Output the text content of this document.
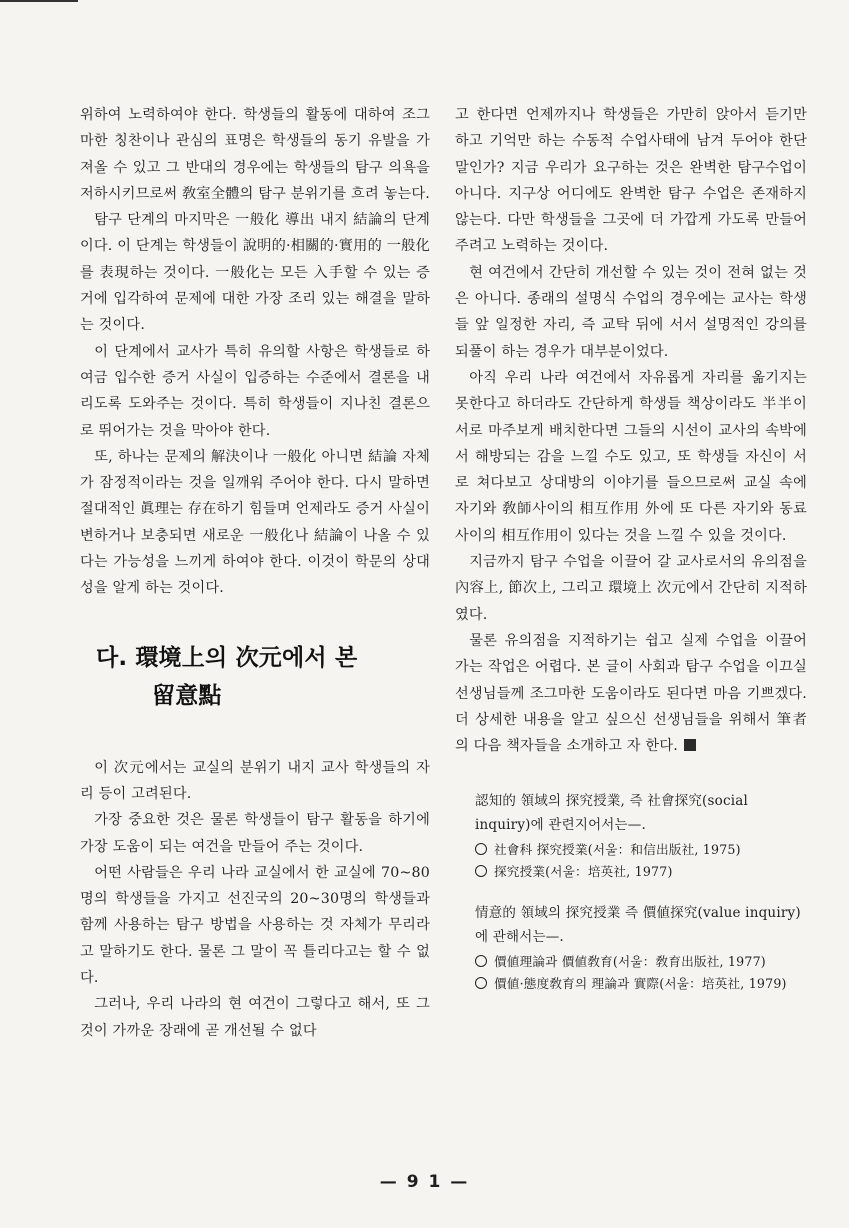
위하여 노력하여야 한다. 학생들의 활동에 대하여 조그마한 칭찬이나 관심의 표명은 학생들의 동기 유발을 가져올 수 있고 그 반대의 경우에는 학생들의 탐구 의욕을 저하시키므로써 敎室全體의 탐구 분위기를 흐려 놓는다.

탐구 단계의 마지막은 一般化 導出 내지 結論의 단계이다. 이 단계는 학생들이 說明的·相關的·實用的 一般化를 表現하는 것이다. 一般化는 모든 入手할 수 있는 증거에 입각하여 문제에 대한 가장 조리 있는 해결을 말하는 것이다.

이 단계에서 교사가 특히 유의할 사항은 학생들로 하여금 입수한 증거 사실이 입증하는 수준에서 결론을 내리도록 도와주는 것이다. 특히 학생들이 지나친 결론으로 뛰어가는 것을 막아야 한다.

또, 하나는 문제의 解決이나 一般化 아니면 結論 자체가 잠정적이라는 것을 일깨워 주어야 한다. 다시 말하면 절대적인 眞理는 存在하기 힘들며 언제라도 증거 사실이 변하거나 보충되면 새로운 一般化나 結論이 나올 수 있다는 가능성을 느끼게 하여야 한다. 이것이 학문의 상대성을 알게 하는 것이다.

다. 環境上의 次元에서 본
留意點

이 次元에서는 교실의 분위기 내지 교사 학생들의 자리 등이 고려된다.

가장 중요한 것은 물론 학생들이 탐구 활동을 하기에 가장 도움이 되는 여건을 만들어 주는 것이다.

어떤 사람들은 우리 나라 교실에서 한 교실에 70~80명의 학생들을 가지고 선진국의 20~30명의 학생들과 함께 사용하는 탐구 방법을 사용하는 것 자체가 무리라고 말하기도 한다. 물론 그 말이 꼭 틀리다고는 할 수 없다.

그러나, 우리 나라의 현 여건이 그렇다고 해서, 또 그것이 가까운 장래에 곧 개선될 수 없다

고 한다면 언제까지나 학생들은 가만히 앉아서 듣기만 하고 기억만 하는 수동적 수업사태에 남겨 두어야 한단 말인가? 지금 우리가 요구하는 것은 완벽한 탐구수업이 아니다. 지구상 어디에도 완벽한 탐구 수업은 존재하지 않는다. 다만 학생들을 그곳에 더 가깝게 가도록 만들어 주려고 노력하는 것이다.

현 여건에서 간단히 개선할 수 있는 것이 전혀 없는 것은 아니다. 종래의 설명식 수업의 경우에는 교사는 학생들 앞 일정한 자리, 즉 교탁 뒤에 서서 설명적인 강의를 되풀이 하는 경우가 대부분이었다.

아직 우리 나라 여건에서 자유롭게 자리를 옮기지는 못한다고 하더라도 간단하게 학생들 책상이라도 半半이 서로 마주보게 배치한다면 그들의 시선이 교사의 속박에서 해방되는 감을 느낄 수도 있고, 또 학생들 자신이 서로 쳐다보고 상대방의 이야기를 들으므로써 교실 속에 자기와 敎師사이의 相互作用 外에 또 다른 자기와 동료사이의 相互作用이 있다는 것을 느낄 수 있을 것이다.

지금까지 탐구 수업을 이끌어 갈 교사로서의 유의점을 內容上, 節次上, 그리고 環境上 次元에서 간단히 지적하였다.

물론 유의점을 지적하기는 쉽고 실제 수업을 이끌어 가는 작업은 어렵다. 본 글이 사회과 탐구 수업을 이끄실 선생님들께 조그마한 도움이라도 된다면 마음 기쁘겠다. 더 상세한 내용을 알고 싶으신 선생님들을 위해서 筆者의 다음 책자들을 소개하고 자 한다.

認知的 領域의 探究授業, 즉 社會探究(social inquiry)에 관련지어서는—.

社會科 探究授業(서울：和信出版社, 1975)
探究授業(서울：培英社, 1977)

情意的 領域의 探究授業 즉 價値探究(value inquiry)에 관해서는—.

價値理論과 價値敎育(서울：敎育出版社, 1977)
價値·態度敎育의 理論과 實際(서울：培英社, 1979)
— 9 1 —
